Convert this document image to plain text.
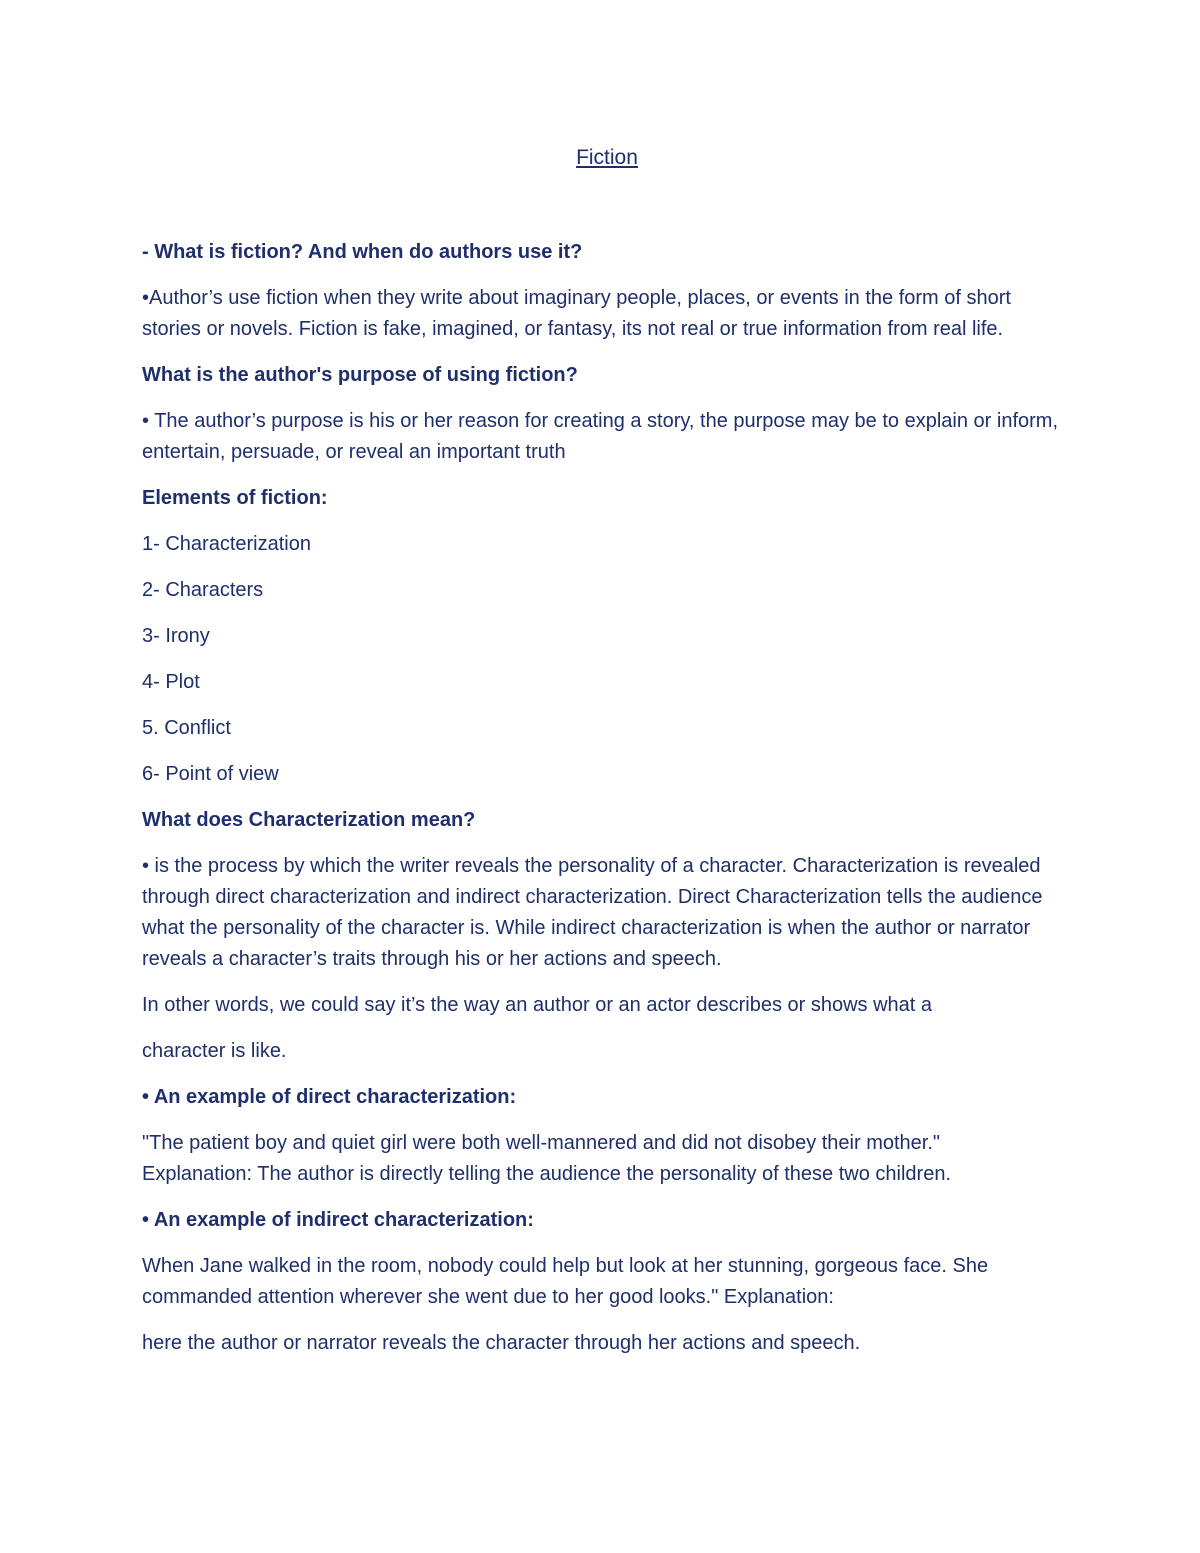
Fiction
- What is fiction? And when do authors use it?
•Author’s use fiction when they write about imaginary people, places, or events in the form of short stories or novels. Fiction is fake, imagined, or fantasy, its not real or true information from real life.
What is the author's purpose of using fiction?
• The author’s purpose is his or her reason for creating a story, the purpose may be to explain or inform, entertain, persuade, or reveal an important truth
Elements of fiction:
1- Characterization
2- Characters
3- Irony
4- Plot
5. Conflict
6- Point of view
What does Characterization mean?
• is the process by which the writer reveals the personality of a character. Characterization is revealed through direct characterization and indirect characterization. Direct Characterization tells the audience what the personality of the character is. While indirect characterization is when the author or narrator reveals a character’s traits through his or her actions and speech.
In other words, we could say it’s the way an author or an actor describes or shows what a
character is like.
• An example of direct characterization:
"The patient boy and quiet girl were both well-mannered and did not disobey their mother."
Explanation: The author is directly telling the audience the personality of these two children.
• An example of indirect characterization:
When Jane walked in the room, nobody could help but look at her stunning, gorgeous face. She commanded attention wherever she went due to her good looks." Explanation:
here the author or narrator reveals the character through her actions and speech.
